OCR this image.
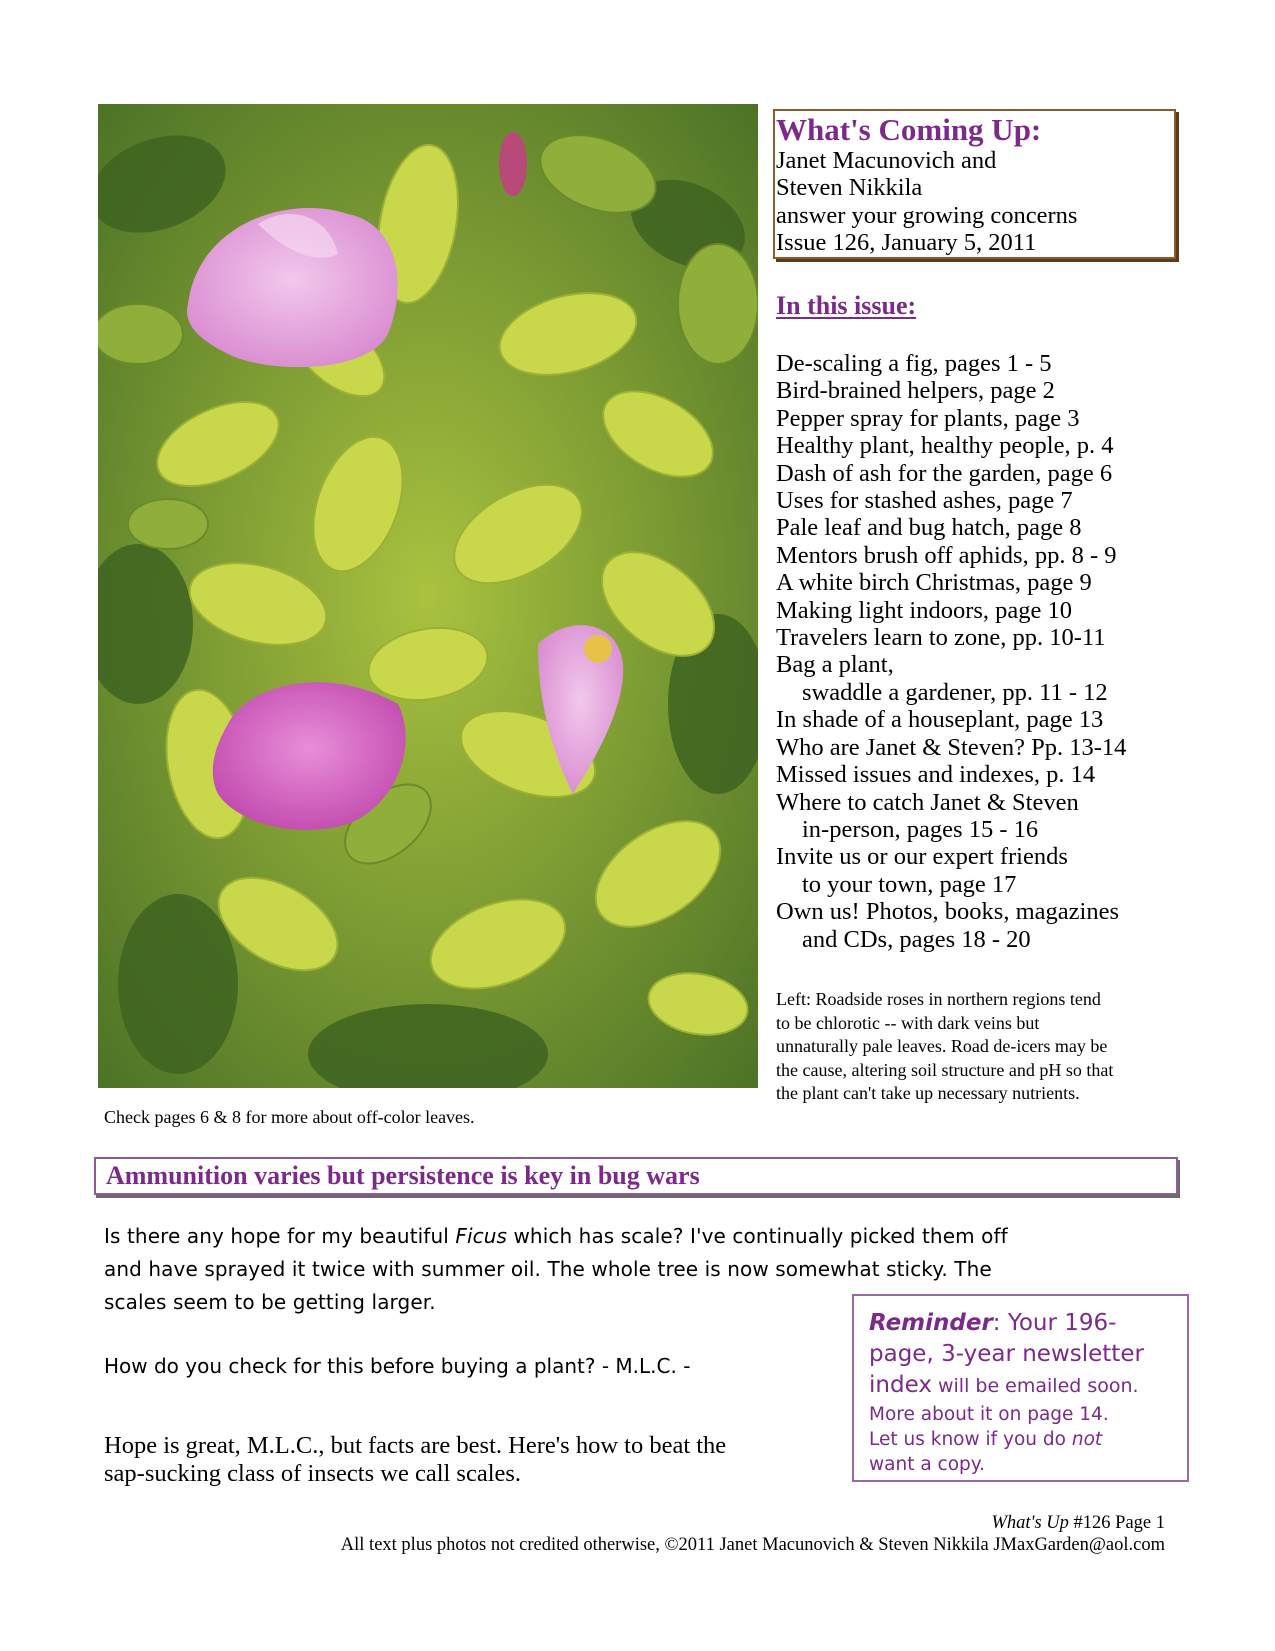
What's Coming Up:
Janet Macunovich and
Steven Nikkila
answer your growing concerns
Issue 126, January 5, 2011
In this issue:
De-scaling a fig, pages 1 - 5
Bird-brained helpers, page 2
Pepper spray for plants, page 3
Healthy plant, healthy people, p. 4
Dash of ash for the garden, page 6
Uses for stashed ashes, page 7
Pale leaf and bug hatch, page 8
Mentors brush off aphids, pp. 8 - 9
A white birch Christmas, page 9
Making light indoors, page 10
Travelers learn to zone, pp. 10-11
Bag a plant,
swaddle a gardener, pp. 11 - 12
In shade of a houseplant, page 13
Who are Janet & Steven? Pp. 13-14
Missed issues and indexes, p. 14
Where to catch Janet & Steven
in-person, pages 15 - 16
Invite us or our expert friends
to your town, page 17
Own us! Photos, books, magazines
and CDs, pages 18 - 20
Left: Roadside roses in northern regions tend
to be chlorotic -- with dark veins but
unnaturally pale leaves. Road de-icers may be
the cause, altering soil structure and pH so that
the plant can't take up necessary nutrients.
Check pages 6 & 8 for more about off-color leaves.
Ammunition varies but persistence is key in bug wars
Is there any hope for my beautiful Ficus which has scale? I've continually picked them off
and have sprayed it twice with summer oil. The whole tree is now somewhat sticky. The
scales seem to be getting larger.
How do you check for this before buying a plant? - M.L.C. -
Hope is great, M.L.C., but facts are best. Here's how to beat the
sap-sucking class of insects we call scales.
Reminder: Your 196-
page, 3-year newsletter
index will be emailed soon.
More about it on page 14.
Let us know if you do not
want a copy.
What's Up #126 Page 1
All text plus photos not credited otherwise, ©2011 Janet Macunovich & Steven Nikkila JMaxGarden@aol.com
